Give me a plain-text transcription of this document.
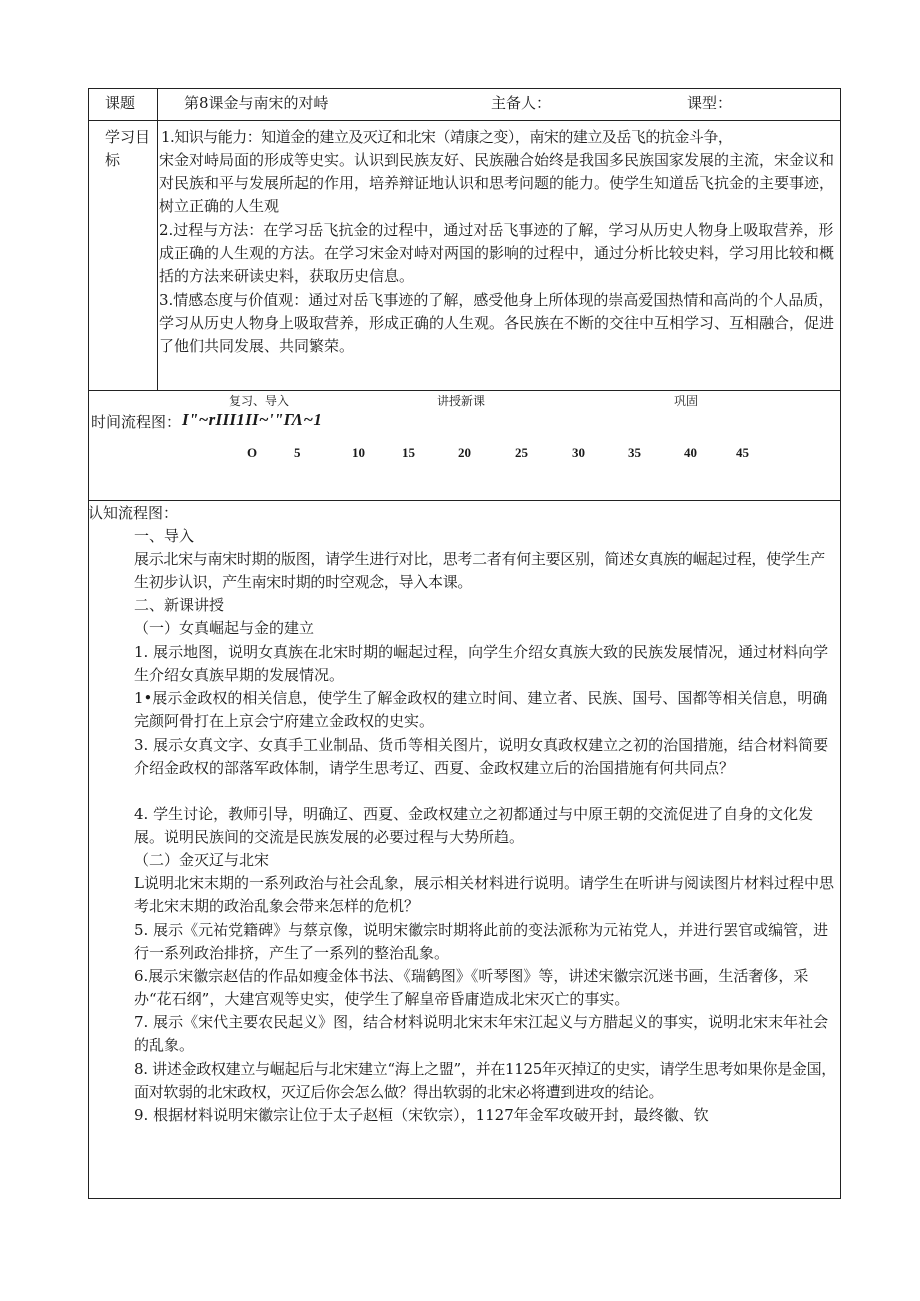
课题	第8课金与南宋的对峙	主备人：	课型：
学习目
标
1.知识与能力：知道金的建立及灭辽和北宋（靖康之变），南宋的建立及岳飞的抗金斗争，
宋金对峙局面的形成等史实。认识到民族友好、民族融合始终是我国多民族国家发展的主流，宋金议和对民族和平与发展所起的作用，培养辩证地认识和思考问题的能力。使学生知道岳飞抗金的主要事迹，树立正确的人生观
2.过程与方法：在学习岳飞抗金的过程中，通过对岳飞事迹的了解，学习从历史人物身上吸取营养，形成正确的人生观的方法。在学习宋金对峙对两国的影响的过程中，通过分析比较史料，学习用比较和概括的方法来研读史料，获取历史信息。
3.情感态度与价值观：通过对岳飞事迹的了解，感受他身上所体现的崇高爱国热情和高尚的个人品质，学习从历史人物身上吸取营养，形成正确的人生观。各民族在不断的交往中互相学习、互相融合，促进了他们共同发展、共同繁荣。
复习、导入	讲授新课	巩固
时间流程图： I"~rIII1II~'"ΓΛ~1
O	5	10	15	20	25	30	35	40	45
认知流程图：
一、导入
展示北宋与南宋时期的版图，请学生进行对比，思考二者有何主要区别，简述女真族的崛起过程，使学生产生初步认识，产生南宋时期的时空观念，导入本课。
二、新课讲授
（一）女真崛起与金的建立
1. 展示地图，说明女真族在北宋时期的崛起过程，向学生介绍女真族大致的民族发展情况，通过材料向学生介绍女真族早期的发展情况。
1•展示金政权的相关信息，使学生了解金政权的建立时间、建立者、民族、国号、国都等相关信息，明确完颜阿骨打在上京会宁府建立金政权的史实。
3. 展示女真文字、女真手工业制品、货币等相关图片，说明女真政权建立之初的治国措施，结合材料简要介绍金政权的部落军政体制，请学生思考辽、西夏、金政权建立后的治国措施有何共同点？
4. 学生讨论，教师引导，明确辽、西夏、金政权建立之初都通过与中原王朝的交流促进了自身的文化发展。说明民族间的交流是民族发展的必要过程与大势所趋。
（二）金灭辽与北宋
L说明北宋末期的一系列政治与社会乱象，展示相关材料进行说明。请学生在听讲与阅读图片材料过程中思考北宋末期的政治乱象会带来怎样的危机？
5. 展示《元祐党籍碑》与蔡京像，说明宋徽宗时期将此前的变法派称为元祐党人，并进行罢官或编管，进行一系列政治排挤，产生了一系列的整治乱象。
6.展示宋徽宗赵佶的作品如瘦金体书法、《瑞鹤图》《听琴图》等，讲述宋徽宗沉迷书画，生活奢侈，采办“花石纲”，大建宫观等史实，使学生了解皇帝昏庸造成北宋灭亡的事实。
7. 展示《宋代主要农民起义》图，结合材料说明北宋末年宋江起义与方腊起义的事实，说明北宋末年社会的乱象。
8. 讲述金政权建立与崛起后与北宋建立“海上之盟”，并在1125年灭掉辽的史实，请学生思考如果你是金国，面对软弱的北宋政权，灭辽后你会怎么做？得出软弱的北宋必将遭到进攻的结论。
9. 根据材料说明宋徽宗让位于太子赵桓（宋钦宗），1127年金军攻破开封，最终徽、钦
